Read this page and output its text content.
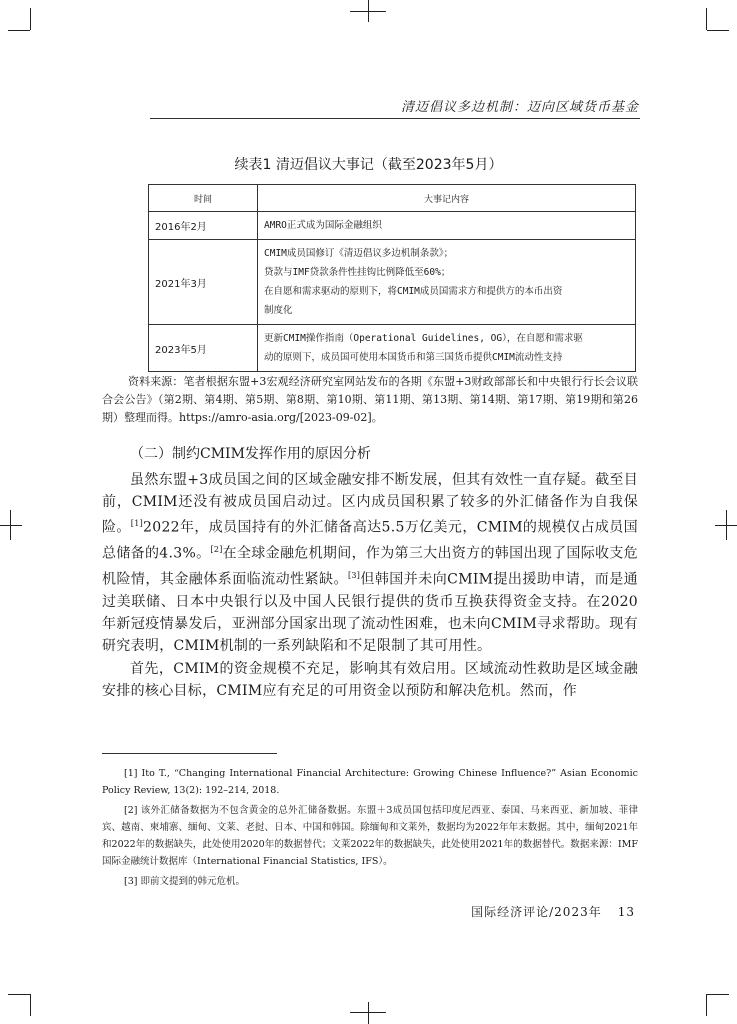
清迈倡议多边机制：迈向区域货币基金
续表1 清迈倡议大事记（截至2023年5月）
时间	大事记内容
2016年2月	AMRO正式成为国际金融组织

2021年3月	CMIM成员国修订《清迈倡议多边机制条款》；
贷款与IMF贷款条件性挂钩比例降低至60%；
在自愿和需求驱动的原则下，将CMIM成员国需求方和提供方的本币出资
制度化

2023年5月	更新CMIM操作指南（Operational Guidelines, OG），在自愿和需求驱
动的原则下，成员国可使用本国货币和第三国货币提供CMIM流动性支持
资料来源：笔者根据东盟+3宏观经济研究室网站发布的各期《东盟+3财政部部长和中央银行行长会议联合会公告》（第2期、第4期、第5期、第8期、第10期、第11期、第13期、第14期、第17期、第19期和第26期）整理而得。https://amro-asia.org/[2023-09-02]。
（二）制约CMIM发挥作用的原因分析

虽然东盟+3成员国之间的区域金融安排不断发展，但其有效性一直存疑。截至目前，CMIM还没有被成员国启动过。区内成员国积累了较多的外汇储备作为自我保险。[1]2022年，成员国持有的外汇储备高达5.5万亿美元，CMIM的规模仅占成员国总储备的4.3%。[2]在全球金融危机期间，作为第三大出资方的韩国出现了国际收支危机险情，其金融体系面临流动性紧缺。[3]但韩国并未向CMIM提出援助申请，而是通过美联储、日本中央银行以及中国人民银行提供的货币互换获得资金支持。在2020年新冠疫情暴发后，亚洲部分国家出现了流动性困难，也未向CMIM寻求帮助。现有研究表明，CMIM机制的一系列缺陷和不足限制了其可用性。

首先，CMIM的资金规模不充足，影响其有效启用。区域流动性救助是区域金融安排的核心目标，CMIM应有充足的可用资金以预防和解决危机。然而，作

[1] Ito T., “Changing International Financial Architecture: Growing Chinese Influence?” Asian Economic Policy Review, 13(2): 192–214, 2018.

[2] 该外汇储备数据为不包含黄金的总外汇储备数据。东盟＋3成员国包括印度尼西亚、泰国、马来西亚、新加坡、菲律宾、越南、柬埔寨、缅甸、文莱、老挝、日本、中国和韩国。除缅甸和文莱外，数据均为2022年年末数据。其中，缅甸2021年和2022年的数据缺失，此处使用2020年的数据替代；文莱2022年的数据缺失，此处使用2021年的数据替代。数据来源：IMF国际金融统计数据库（International Financial Statistics, IFS）。

[3] 即前文提到的韩元危机。

国际经济评论/2023年 13
